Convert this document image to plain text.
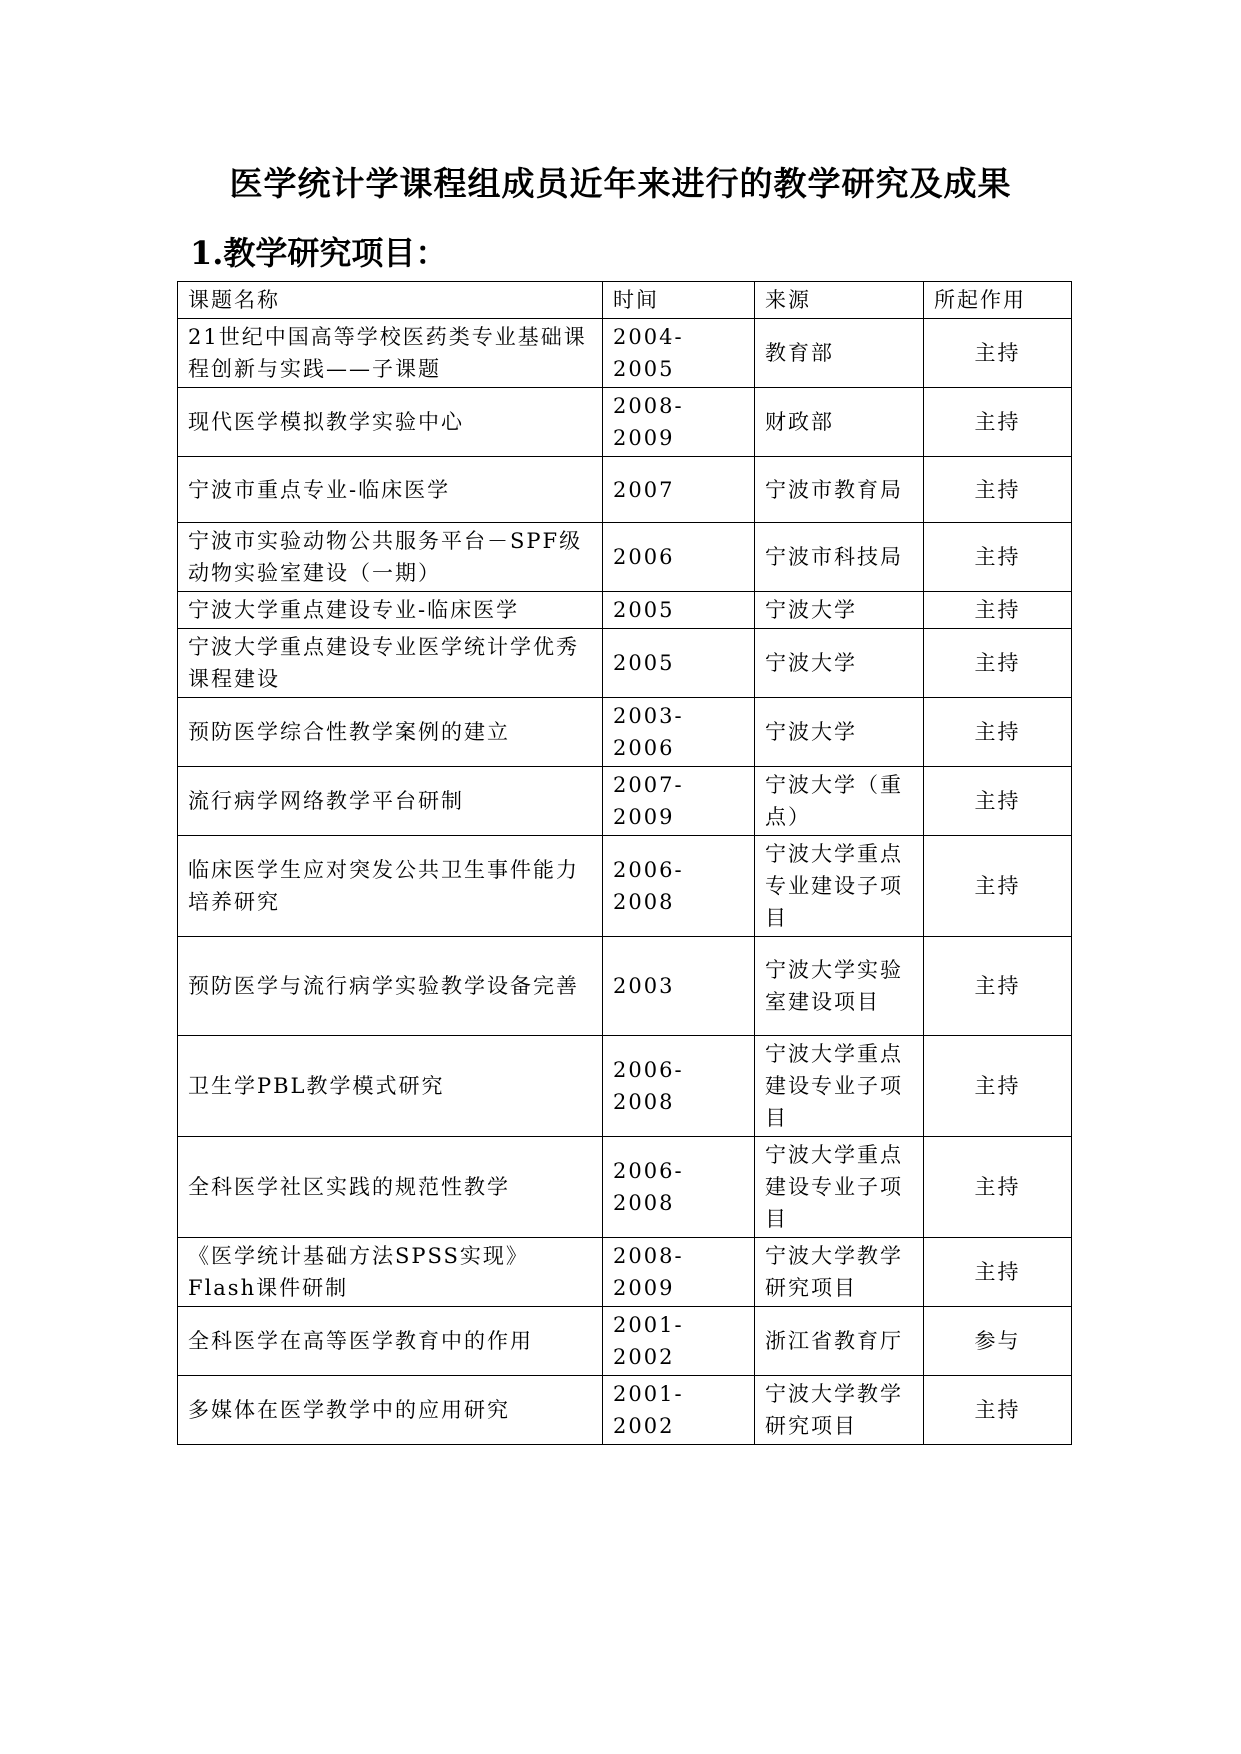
医学统计学课程组成员近年来进行的教学研究及成果
1.教学研究项目：
课题名称	时间	来源	所起作用
21世纪中国高等学校医药类专业基础课程创新与实践——子课题	2004-2005	教育部	主持
现代医学模拟教学实验中心	2008-2009	财政部	主持
宁波市重点专业-临床医学	2007	宁波市教育局	主持
宁波市实验动物公共服务平台－SPF级动物实验室建设（一期）	2006	宁波市科技局	主持
宁波大学重点建设专业-临床医学	2005	宁波大学	主持
宁波大学重点建设专业医学统计学优秀课程建设	2005	宁波大学	主持
预防医学综合性教学案例的建立	2003-2006	宁波大学	主持
流行病学网络教学平台研制	2007-2009	宁波大学（重点）	主持
临床医学生应对突发公共卫生事件能力培养研究	2006-2008	宁波大学重点专业建设子项目	主持
预防医学与流行病学实验教学设备完善	2003	宁波大学实验室建设项目	主持
卫生学PBL教学模式研究	2006-2008	宁波大学重点建设专业子项目	主持
全科医学社区实践的规范性教学	2006-2008	宁波大学重点建设专业子项目	主持
《医学统计基础方法SPSS实现》Flash课件研制	2008-2009	宁波大学教学研究项目	主持
全科医学在高等医学教育中的作用	2001-2002	浙江省教育厅	参与
多媒体在医学教学中的应用研究	2001-2002	宁波大学教学研究项目	主持
